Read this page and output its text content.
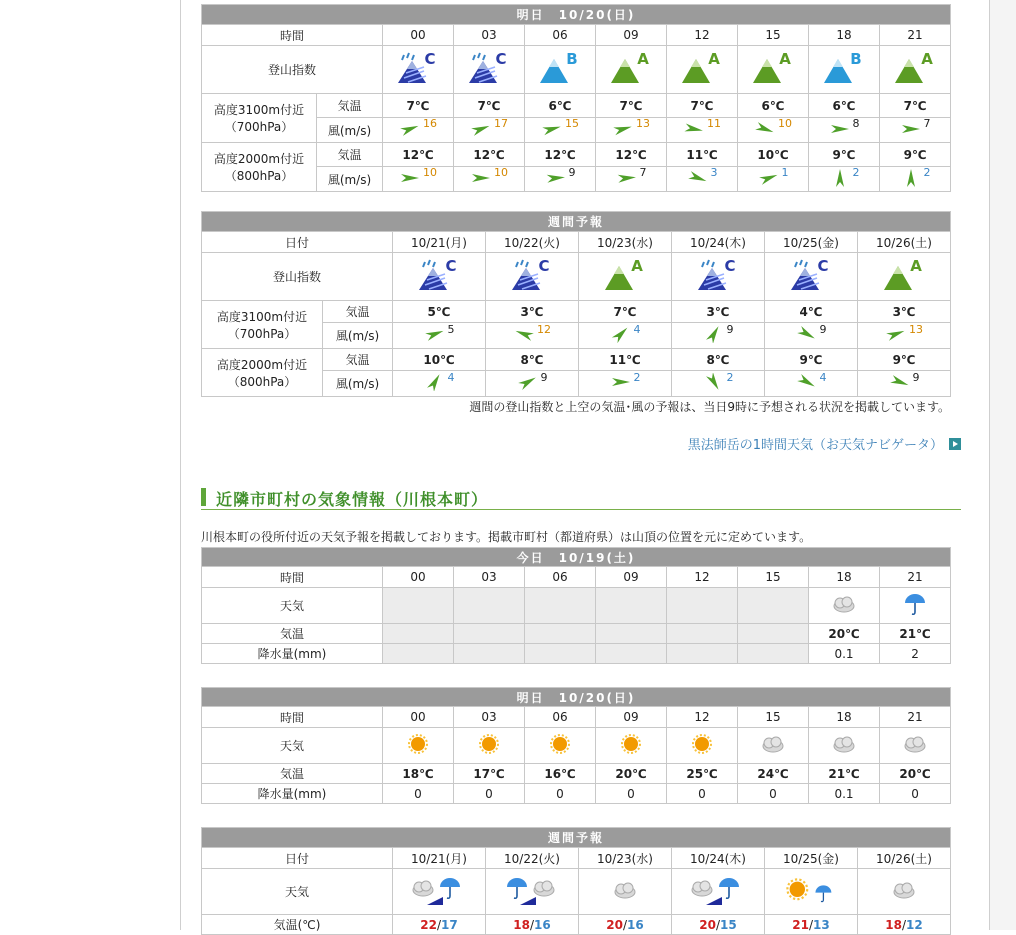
明日　10/20(日)									
時間		00	03	06	09	12	15	18	21
登山指数		C	C	B	A	A	A	B	A

高度3100m付近
（700hPa）	気温	7℃	7℃	6℃	7℃	7℃	6℃	6℃	7℃
	風(m/s)	16	17	15	13	11	10	8	7

高度2000m付近
（800hPa）	気温	12℃	12℃	12℃	12℃	11℃	10℃	9℃	9℃
	風(m/s)	10	10	9	7	3	1	2	2
週間予報							
日付		10/21(月)	10/22(火)	10/23(水)	10/24(木)	10/25(金)	10/26(土)
登山指数		C	C	A	C	C	A

高度3100m付近
（700hPa）	気温	5℃	3℃	7℃	3℃	4℃	3℃
	風(m/s)	5	12	4	9	9	13

高度2000m付近
（800hPa）	気温	10℃	8℃	11℃	8℃	9℃	9℃
	風(m/s)	4	9	2	2	4	9
週間の登山指数と上空の気温･風の予報は、当日9時に予想される状況を掲載しています。
黒法師岳の1時間天気（お天気ナビゲータ）
近隣市町村の気象情報（川根本町）
川根本町の役所付近の天気予報を掲載しております。掲載市町村（都道府県）は山頂の位置を元に定めています。
今日　10/19(土)								
時間	00	03	06	09	12	15	18	21
天気								
気温							20℃	21℃
降水量(mm)							0.1	2
明日　10/20(日)								
時間	00	03	06	09	12	15	18	21
天気								
気温	18℃	17℃	16℃	20℃	25℃	24℃	21℃	20℃
降水量(mm)	0	0	0	0	0	0	0.1	0
週間予報						
日付	10/21(月)	10/22(火)	10/23(水)	10/24(木)	10/25(金)	10/26(土)
天気						
気温(℃)	22/17	18/16	20/16	20/15	21/13	18/12
